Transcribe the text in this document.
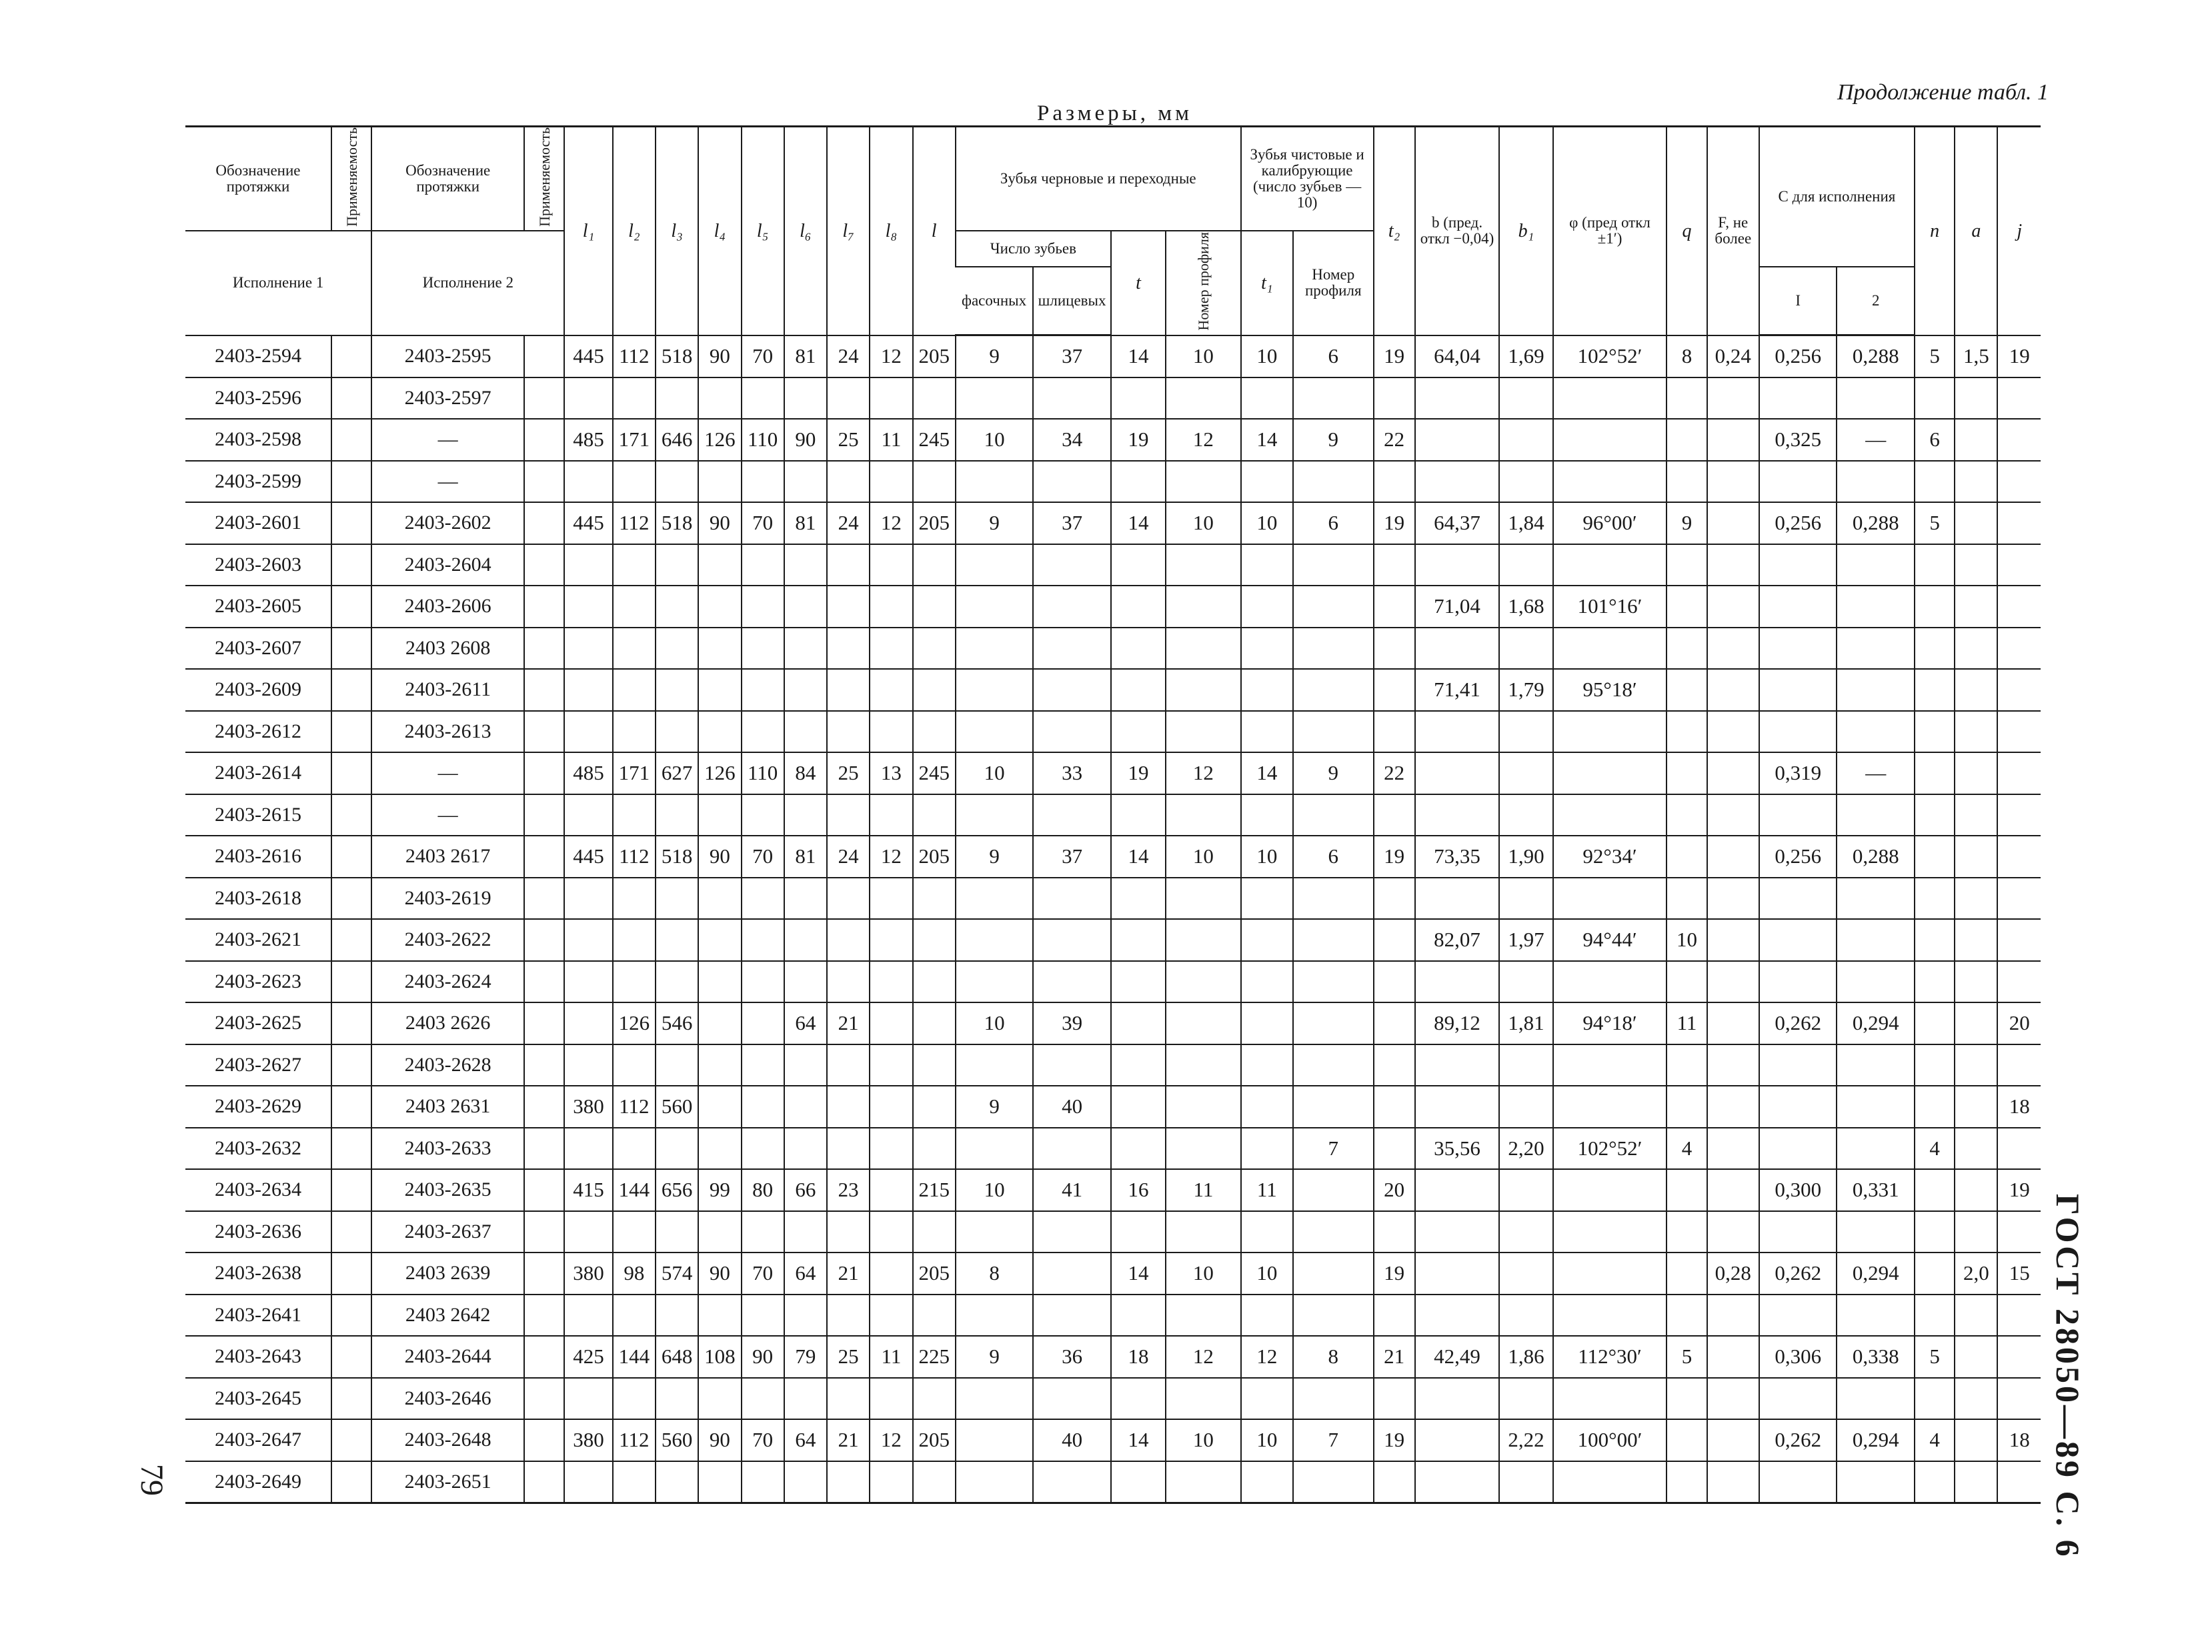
Продолжение табл. 1
Размеры, мм
Обозначение протяжки	Применяемость	Обозначение протяжки	Применяемость	l₁	l₂	l₃	l₄	l₅	l₆	l₇	l₈	l	Зубья черновые и переходные				Зубья чистовые и калибрующие (число зубьев — 10)		t₂	b (пред. откл −0,04)	b₁	φ (пред откл ±1′)	q	F, не более	C для исполнения		n	a	j
Исполнение 1		Исполнение 2											Число зубьев		t	Номер профиля	t₁	Номер профиля											
													фасочных	шлицевых											I	2			
2403-2594		2403-2595		445	112	518	90	70	81	24	12	205	9	37	14	10	10	6	19	64,04	1,69	102°52′	8	0,24	0,256	0,288	5	1,5	19
2403-2596		2403-2597																											
2403-2598		—		485	171	646	126	110	90	25	11	245	10	34	19	12	14	9	22						0,325	—	6		
2403-2599		—																											
2403-2601		2403-2602		445	112	518	90	70	81	24	12	205	9	37	14	10	10	6	19	64,37	1,84	96°00′	9		0,256	0,288	5		
2403-2603		2403-2604																											
2403-2605		2403-2606																		71,04	1,68	101°16′							
2403-2607		2403 2608																											
2403-2609		2403-2611																		71,41	1,79	95°18′							
2403-2612		2403-2613																											
2403-2614		—		485	171	627	126	110	84	25	13	245	10	33	19	12	14	9	22						0,319	—			
2403-2615		—																											
2403-2616		2403 2617		445	112	518	90	70	81	24	12	205	9	37	14	10	10	6	19	73,35	1,90	92°34′			0,256	0,288			
2403-2618		2403-2619																											
2403-2621		2403-2622																		82,07	1,97	94°44′	10						
2403-2623		2403-2624																											
2403-2625		2403 2626			126	546			64	21			10	39						89,12	1,81	94°18′	11		0,262	0,294			20
2403-2627		2403-2628																											
2403-2629		2403 2631		380	112	560							9	40															18
2403-2632		2403-2633																7		35,56	2,20	102°52′	4				4		
2403-2634		2403-2635		415	144	656	99	80	66	23		215	10	41	16	11	11		20						0,300	0,331			19
2403-2636		2403-2637																											
2403-2638		2403 2639		380	98	574	90	70	64	21		205	8		14	10	10		19					0,28	0,262	0,294		2,0	15
2403-2641		2403 2642																											
2403-2643		2403-2644		425	144	648	108	90	79	25	11	225	9	36	18	12	12	8	21	42,49	1,86	112°30′	5		0,306	0,338	5		
2403-2645		2403-2646																											
2403-2647		2403-2648		380	112	560	90	70	64	21	12	205		40	14	10	10	7	19		2,22	100°00′			0,262	0,294	4		18
2403-2649		2403-2651																												ГОСТ 28050—89 С. 6
79
